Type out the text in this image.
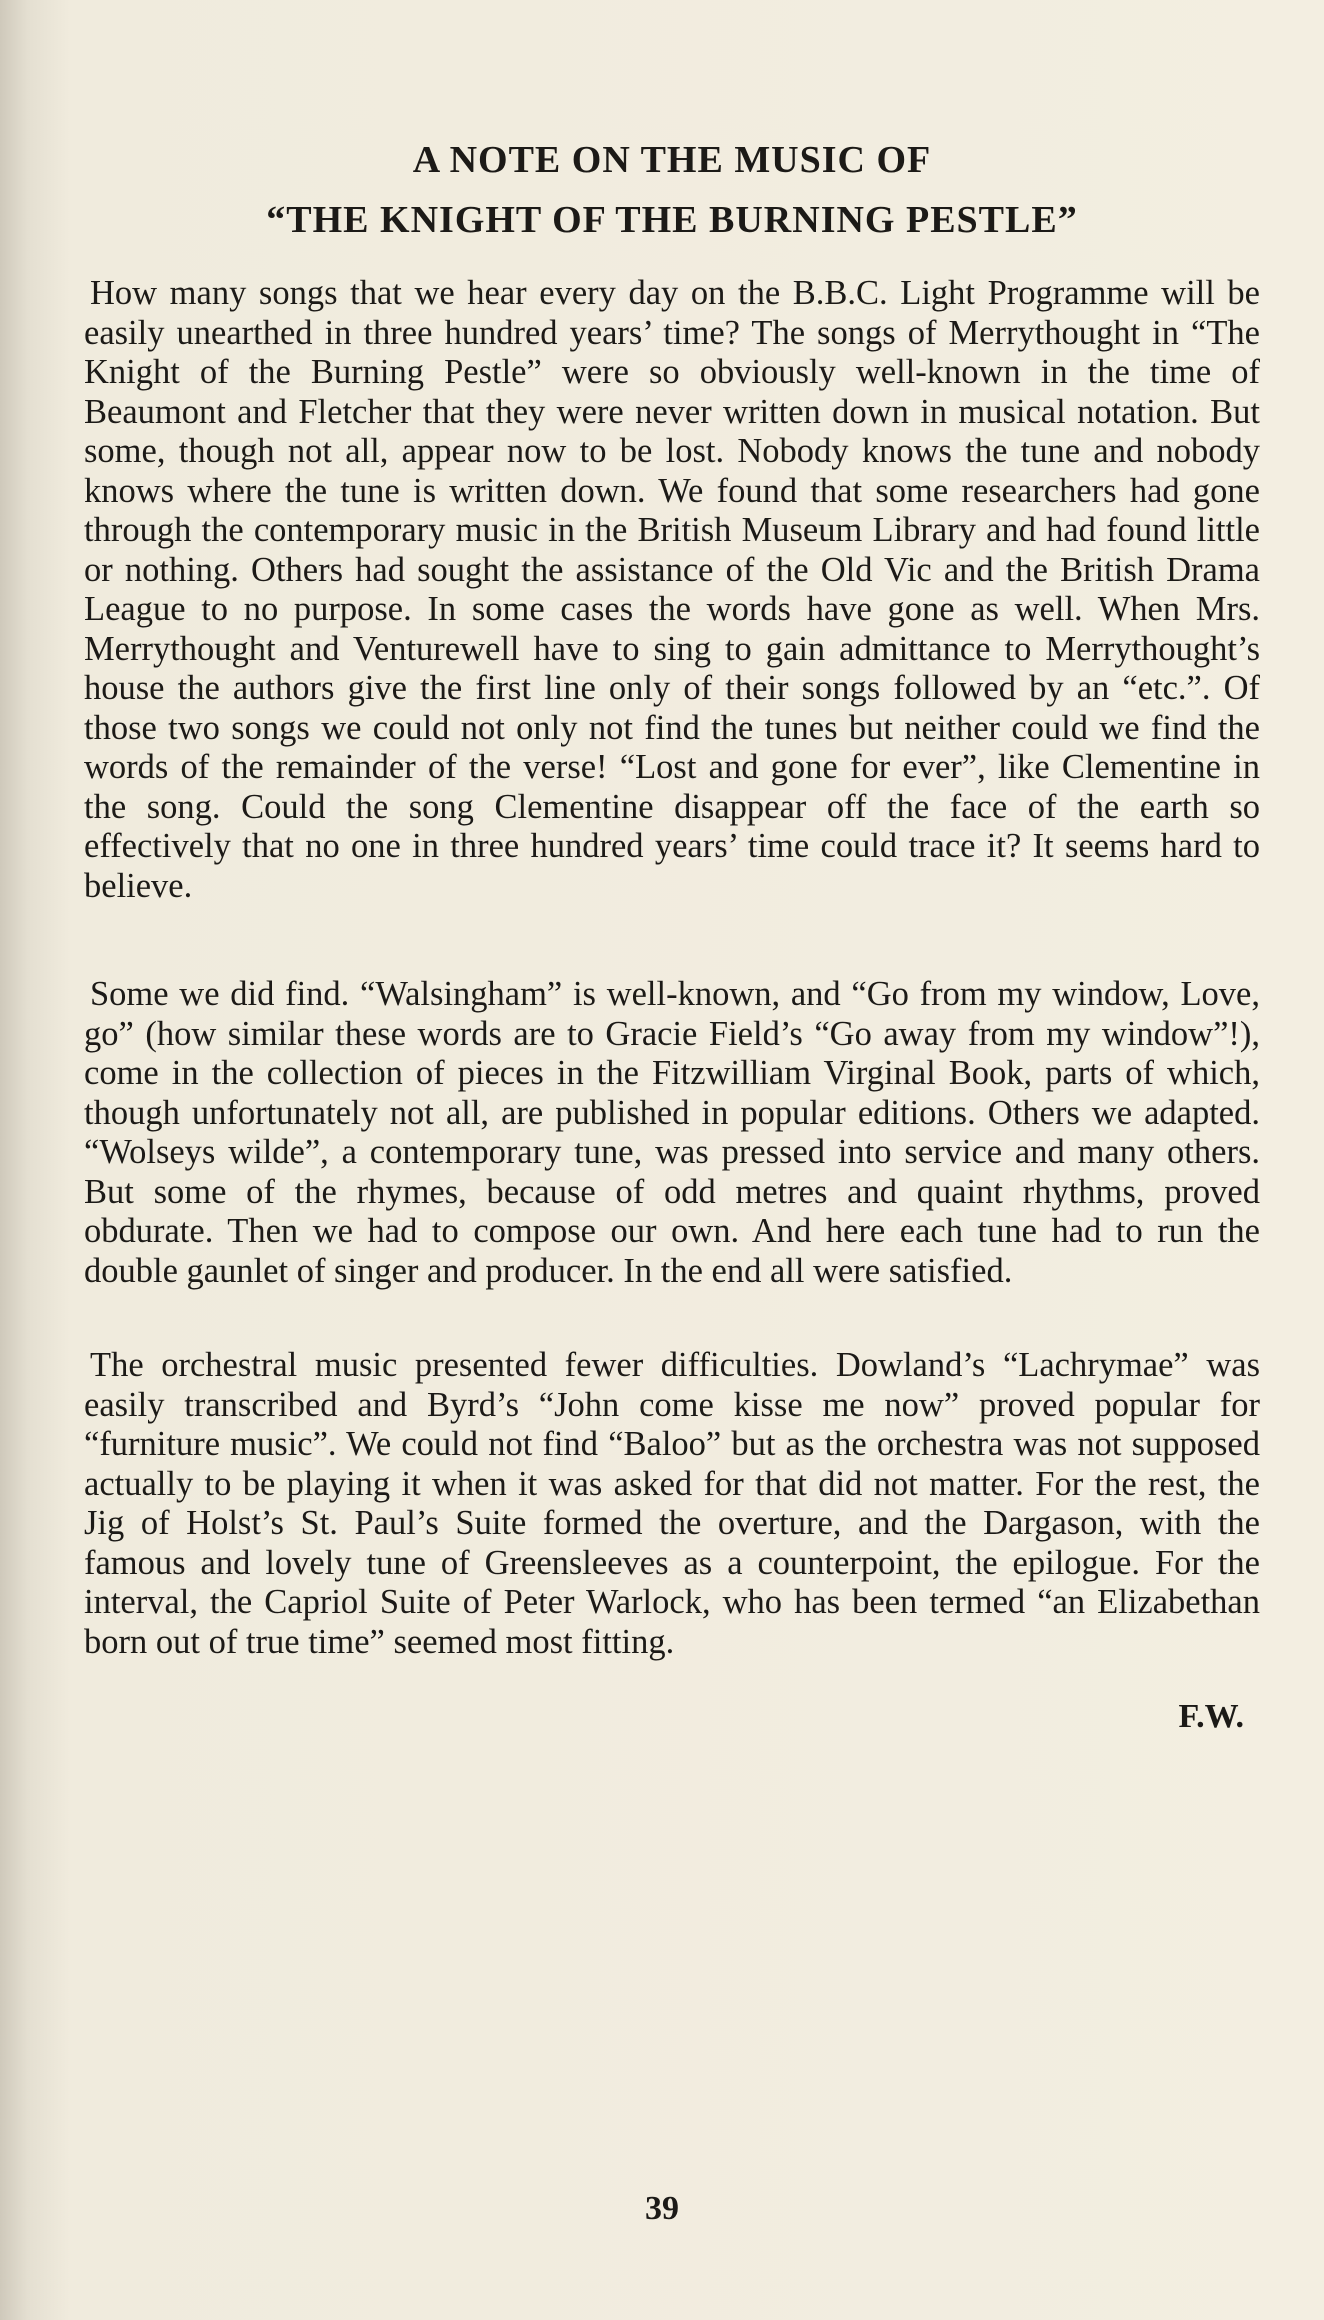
A NOTE ON THE MUSIC OF
“THE KNIGHT OF THE BURNING PESTLE”

How many songs that we hear every day on the B.B.C. Light Programme will be easily unearthed in three hundred years’ time? The songs of Merrythought in “The Knight of the Burning Pestle” were so obviously well-known in the time of Beaumont and Fletcher that they were never written down in musical notation. But some, though not all, appear now to be lost. Nobody knows the tune and nobody knows where the tune is written down. We found that some researchers had gone through the contemporary music in the British Museum Library and had found little or nothing. Others had sought the assistance of the Old Vic and the British Drama League to no purpose. In some cases the words have gone as well. When Mrs. Merrythought and Venturewell have to sing to gain admittance to Merrythought’s house the authors give the first line only of their songs followed by an “etc.”. Of those two songs we could not only not find the tunes but neither could we find the words of the remainder of the verse! “Lost and gone for ever”, like Clementine in the song. Could the song Clementine disappear off the face of the earth so effectively that no one in three hundred years’ time could trace it? It seems hard to believe.

Some we did find. “Walsingham” is well-known, and “Go from my window, Love, go” (how similar these words are to Gracie Field’s “Go away from my window”!), come in the collection of pieces in the Fitzwilliam Virginal Book, parts of which, though unfortunately not all, are published in popular editions. Others we adapted. “Wolseys wilde”, a contemporary tune, was pressed into service and many others. But some of the rhymes, because of odd metres and quaint rhythms, proved obdurate. Then we had to compose our own. And here each tune had to run the double gaunlet of singer and producer. In the end all were satisfied.

The orchestral music presented fewer difficulties. Dowland’s “Lachrymae” was easily transcribed and Byrd’s “John come kisse me now” proved popular for “furniture music”. We could not find “Baloo” but as the orchestra was not supposed actually to be playing it when it was asked for that did not matter. For the rest, the Jig of Holst’s St. Paul’s Suite formed the overture, and the Dargason, with the famous and lovely tune of Greensleeves as a counterpoint, the epilogue. For the interval, the Capriol Suite of Peter Warlock, who has been termed “an Elizabethan born out of true time” seemed most fitting.

F.W.
39
